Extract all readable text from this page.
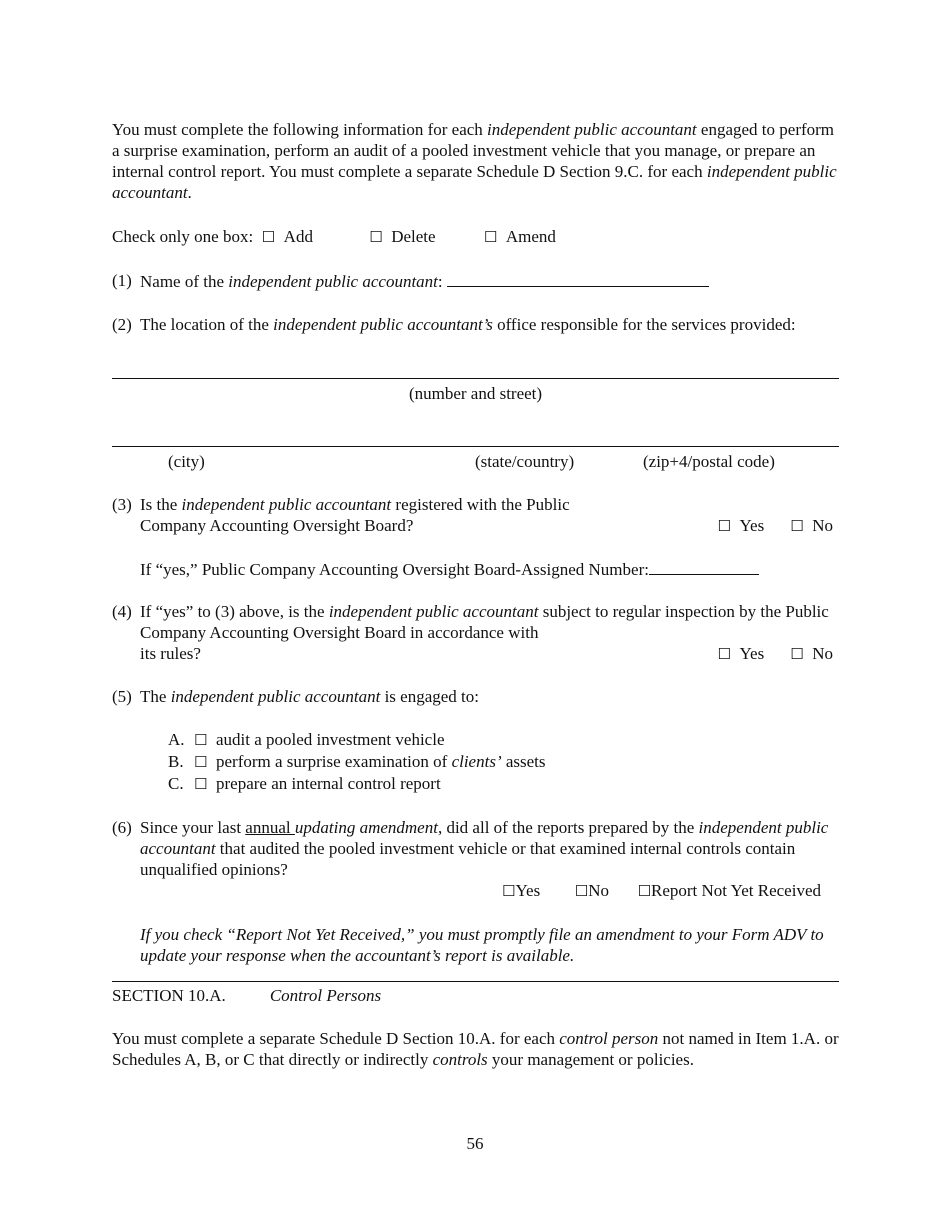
You must complete the following information for each independent public accountant engaged to perform a surprise examination, perform an audit of a pooled investment vehicle that you manage, or prepare an internal control report. You must complete a separate Schedule D Section 9.C. for each independent public accountant.

Check only one box: ☐ Add	☐ Delete	☐ Amend

(1) Name of the independent public accountant:
(2) The location of the independent public accountant’s office responsible for the services provided:
(number and street)
(city)	(state/country)	(zip+4/postal code)
(3) Is the independent public accountant registered with the Public
Company Accounting Oversight Board?	☐ Yes ☐ No

If “yes,” Public Company Accounting Oversight Board-Assigned Number:

(4) If “yes” to (3) above, is the independent public accountant subject to regular inspection by the Public Company Accounting Oversight Board in accordance with
its rules?	☐ Yes ☐ No
(5) The independent public accountant is engaged to:
A. ☐ audit a pooled investment vehicle
B. ☐ perform a surprise examination of clients’ assets
C. ☐ prepare an internal control report
(6) Since your last annual updating amendment, did all of the reports prepared by the independent public accountant that audited the pooled investment vehicle or that examined internal controls contain unqualified opinions?
☐Yes ☐No ☐Report Not Yet Received

If you check “Report Not Yet Received,” you must promptly file an amendment to your Form ADV to update your response when the accountant’s report is available.

SECTION 10.A.	Control Persons

You must complete a separate Schedule D Section 10.A. for each control person not named in Item 1.A. or Schedules A, B, or C that directly or indirectly controls your management or policies.

56
